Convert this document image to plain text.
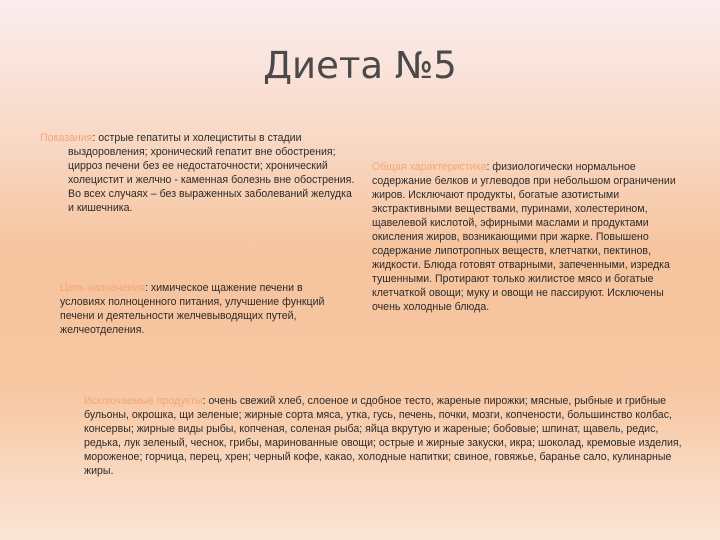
Диета №5
Показания: острые гепатиты и холециститы в стадии выздоровления; хронический гепатит вне обострения; цирроз печени без ее недостаточности; хронический холецистит и желчно - каменная болезнь вне обострения. Во всех случаях – без выраженных заболеваний желудка и кишечника.
Общая характеристика: физиологически нормальное содержание белков и углеводов при небольшом ограничении жиров. Исключают продукты, богатые азотистыми экстрактивными веществами, пуринами, холестерином, щавелевой кислотой, эфирными маслами и продуктами окисления жиров, возникающими при жарке. Повышено содержание липотропных веществ, клетчатки, пектинов, жидкости. Блюда готовят отварными, запеченными, изредка тушенными. Протирают только жилистое мясо и богатые клетчаткой овощи; муку и овощи не пассируют. Исключены очень холодные блюда.
Цель назначения: химическое щажение печени в условиях полноценного питания, улучшение функций печени и деятельности желчевыводящих путей, желчеотделения.
Исключаемые продукты: очень свежий хлеб, слоеное и сдобное тесто, жареные пирожки; мясные, рыбные и грибные бульоны, окрошка, щи зеленые; жирные сорта мяса, утка, гусь, печень, почки, мозги, копчености, большинство колбас, консервы; жирные виды рыбы, копченая, соленая рыба; яйца вкрутую и жареные; бобовые; шпинат, щавель, редис, редька, лук зеленый, чеснок, грибы, маринованные овощи; острые и жирные закуски, икра; шоколад, кремовые изделия, мороженое; горчица, перец, хрен; черный кофе, какао, холодные напитки; свиное, говяжье, баранье сало, кулинарные жиры.
